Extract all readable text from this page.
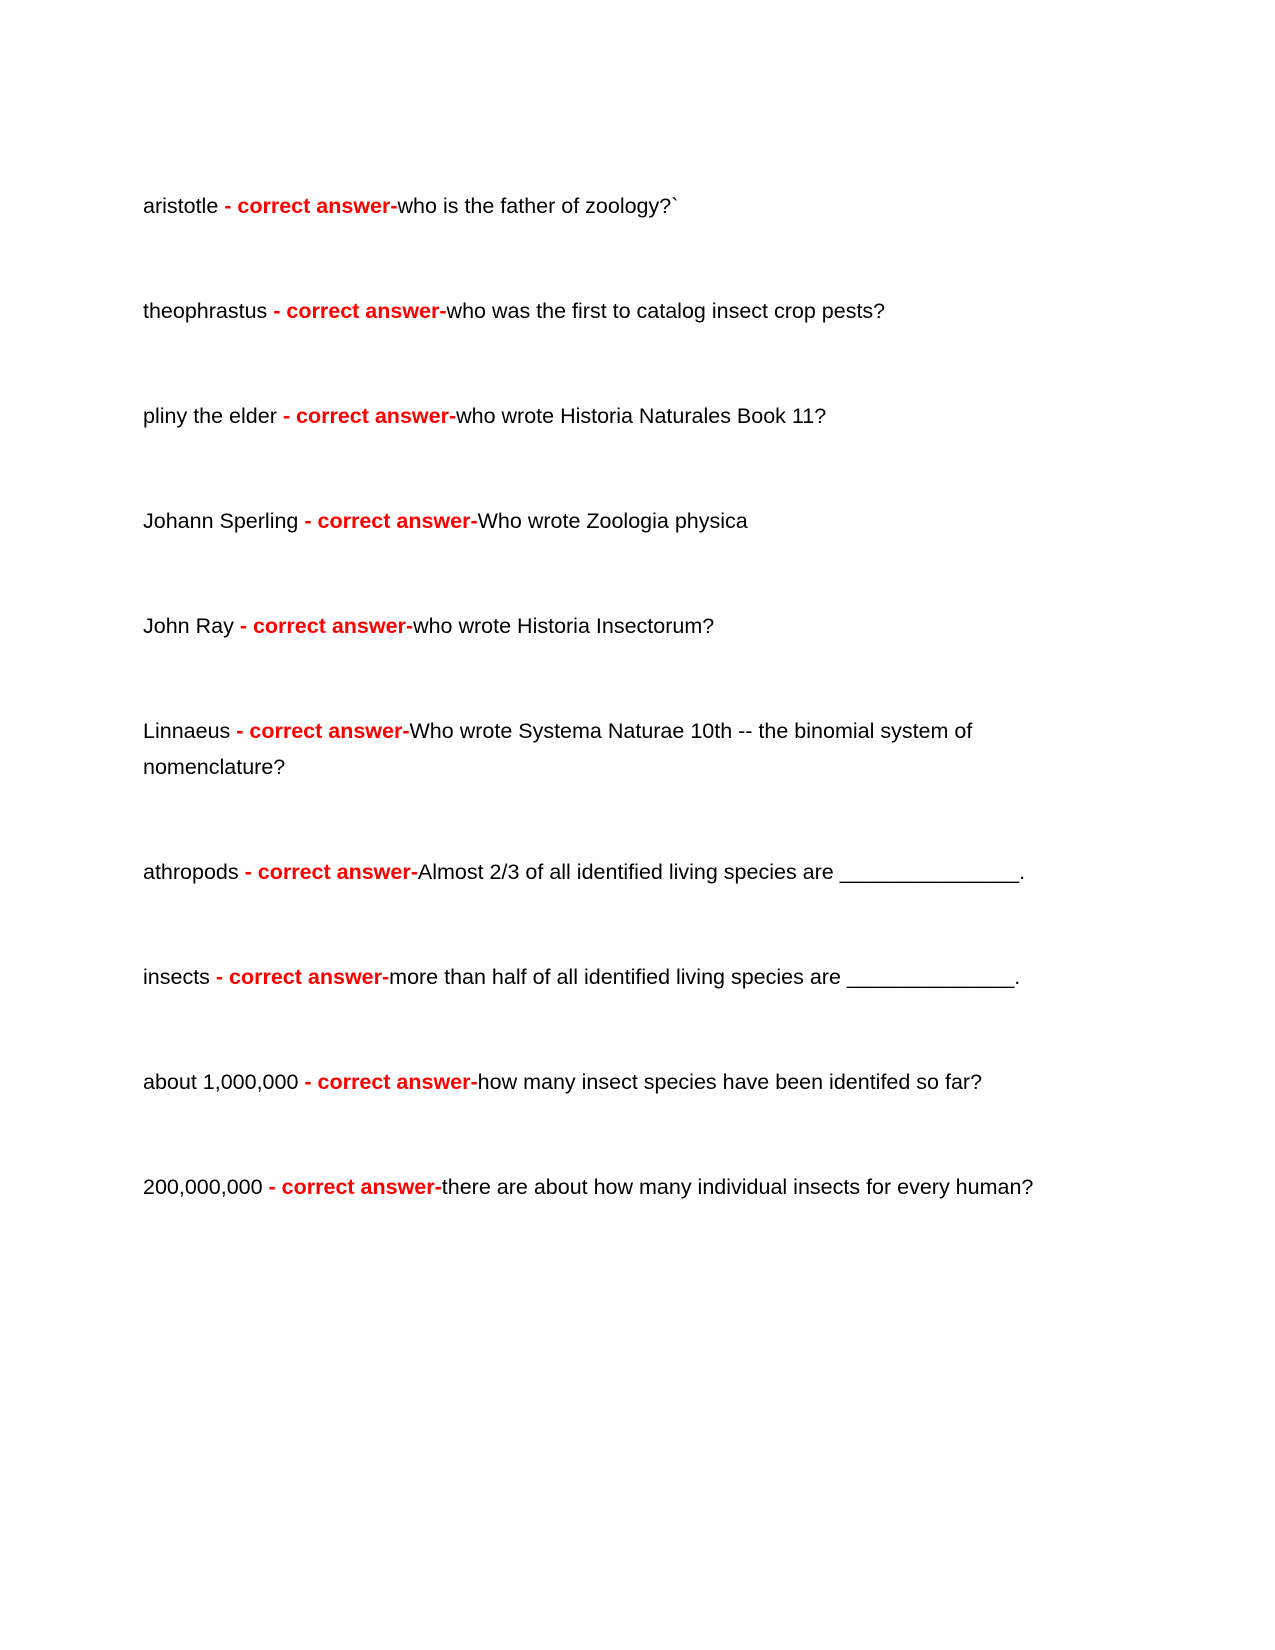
aristotle - correct answer-who is the father of zoology?`

theophrastus - correct answer-who was the first to catalog insect crop pests?

pliny the elder - correct answer-who wrote Historia Naturales Book 11?

Johann Sperling - correct answer-Who wrote Zoologia physica

John Ray - correct answer-who wrote Historia Insectorum?

Linnaeus - correct answer-Who wrote Systema Naturae 10th -- the binomial system of nomenclature?

athropods - correct answer-Almost 2/3 of all identified living species are _______________.

insects - correct answer-more than half of all identified living species are ______________.

about 1,000,000 - correct answer-how many insect species have been identifed so far?

200,000,000 - correct answer-there are about how many individual insects for every human?
